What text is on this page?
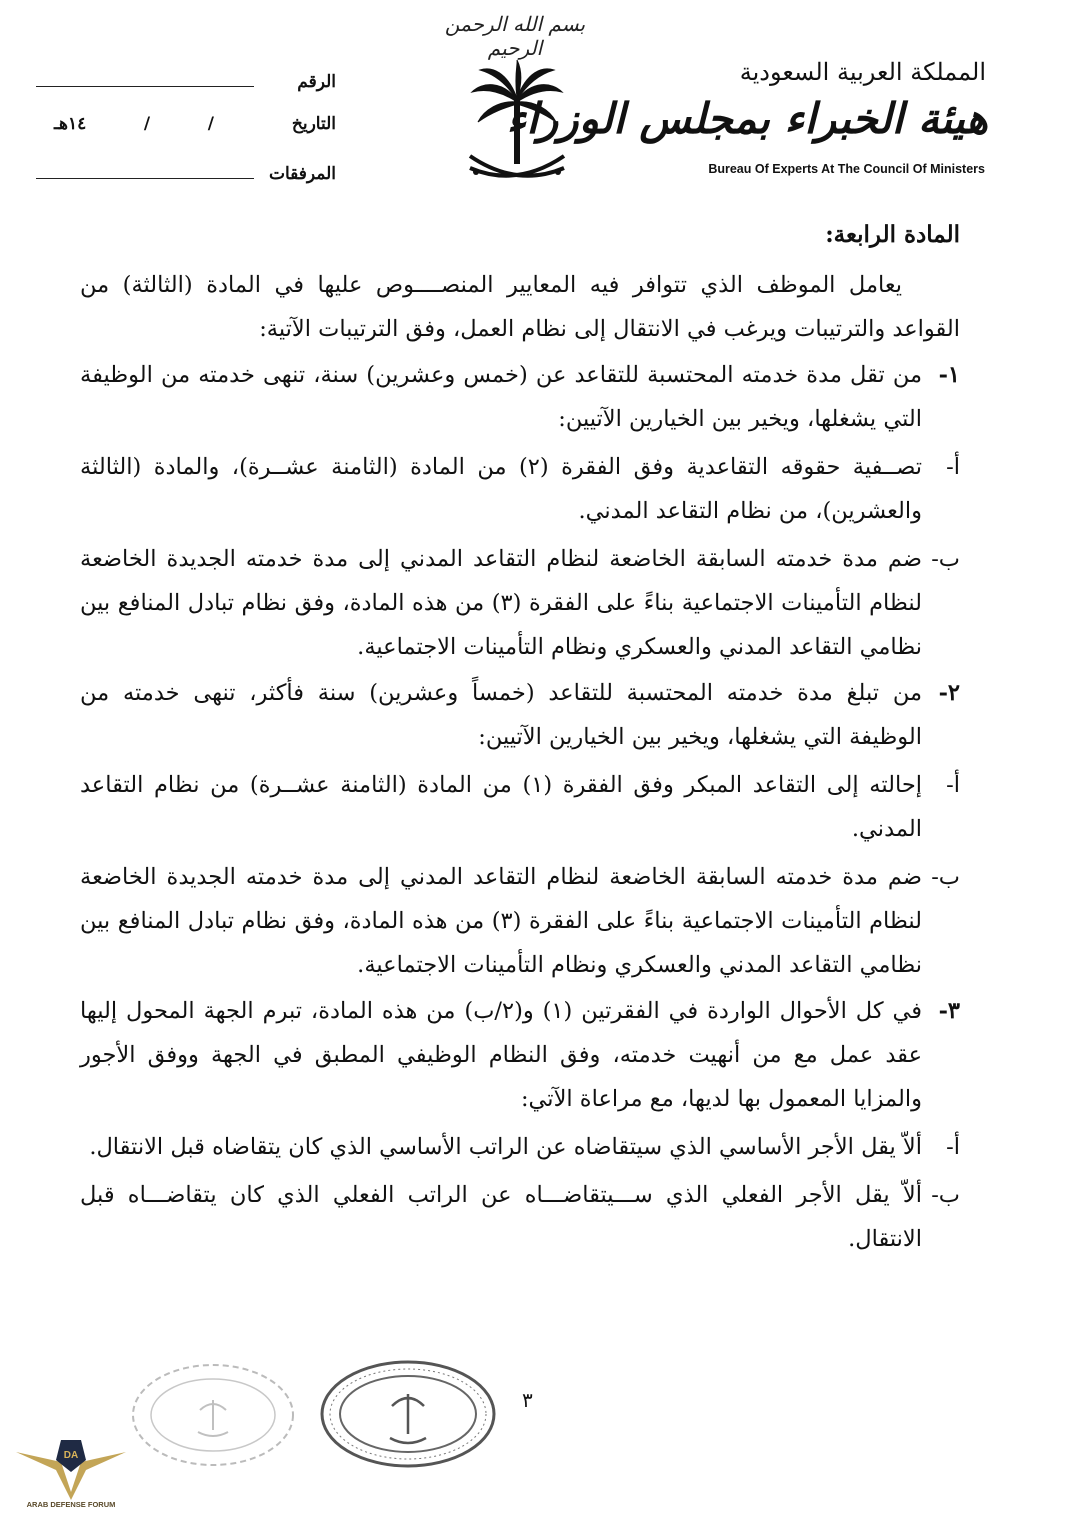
بسم الله الرحمن الرحيم
المملكة العربية السعودية
هيئة الخبراء بمجلس الوزراء
Bureau Of Experts At The Council Of Ministers
الرقم
التاريخ
/
/
١٤هـ
المرفقات
المادة الرابعة:
يعامل الموظف الذي تتوافر فيه المعايير المنصــــوص عليها في المادة (الثالثة) من القواعد والترتيبات ويرغب في الانتقال إلى نظام العمل، وفق الترتيبات الآتية:
١-
من تقل مدة خدمته المحتسبة للتقاعد عن (خمس وعشرين) سنة، تنهى خدمته من الوظيفة التي يشغلها، ويخير بين الخيارين الآتيين:
أ-
تصــفية حقوقه التقاعدية وفق الفقرة (٢) من المادة (الثامنة عشــرة)، والمادة (الثالثة والعشرين)، من نظام التقاعد المدني.
ب-
ضم مدة خدمته السابقة الخاضعة لنظام التقاعد المدني إلى مدة خدمته الجديدة الخاضعة لنظام التأمينات الاجتماعية بناءً على الفقرة (٣) من هذه المادة، وفق نظام تبادل المنافع بين نظامي التقاعد المدني والعسكري ونظام التأمينات الاجتماعية.
٢-
من تبلغ مدة خدمته المحتسبة للتقاعد (خمساً وعشرين) سنة فأكثر، تنهى خدمته من الوظيفة التي يشغلها، ويخير بين الخيارين الآتيين:
أ-
إحالته إلى التقاعد المبكر وفق الفقرة (١) من المادة (الثامنة عشــرة) من نظام التقاعد المدني.
ب-
ضم مدة خدمته السابقة الخاضعة لنظام التقاعد المدني إلى مدة خدمته الجديدة الخاضعة لنظام التأمينات الاجتماعية بناءً على الفقرة (٣) من هذه المادة، وفق نظام تبادل المنافع بين نظامي التقاعد المدني والعسكري ونظام التأمينات الاجتماعية.
٣-
في كل الأحوال الواردة في الفقرتين (١) و(٢/ب) من هذه المادة، تبرم الجهة المحول إليها عقد عمل مع من أنهيت خدمته، وفق النظام الوظيفي المطبق في الجهة ووفق الأجور والمزايا المعمول بها لديها، مع مراعاة الآتي:
أ-
ألاّ يقل الأجر الأساسي الذي سيتقاضاه عن الراتب الأساسي الذي كان يتقاضاه قبل الانتقال.
ب-
ألاّ يقل الأجر الفعلي الذي ســـيتقاضـــاه عن الراتب الفعلي الذي كان يتقاضـــاه قبل الانتقال.
٣
DA
ARAB DEFENSE FORUM
